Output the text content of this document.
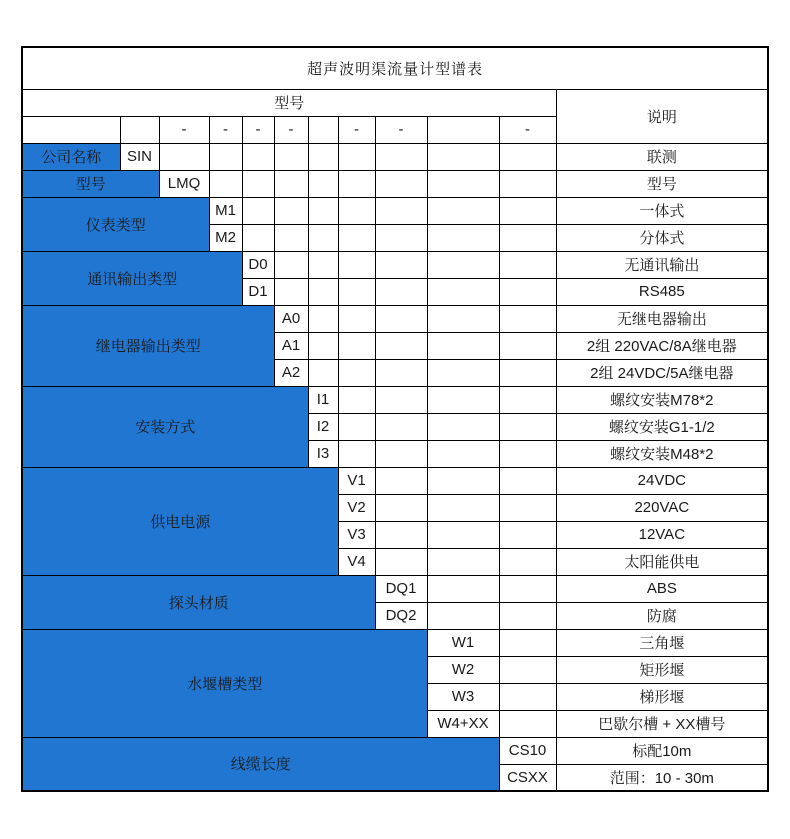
超声波明渠流量计型谱表											
型号											说明
		-	-	-	-		-	-		-	
公司名称	SIN										联测
型号		LMQ									型号
仪表类型			M1								一体式
			M2								分体式
通讯输出类型				D0							无通讯输出
				D1							RS485
继电器输出类型					A0						无继电器输出
					A1						2组 220VAC/8A继电器
					A2						2组 24VDC/5A继电器
安装方式						I1					螺纹安装M78*2
						I2					螺纹安装G1-1/2
						I3					螺纹安装M48*2
供电电源							V1				24VDC
							V2				220VAC
							V3				12VAC
							V4				太阳能供电
探头材质								DQ1			ABS
								DQ2			防腐
水堰槽类型									W1		三角堰
									W2		矩形堰
									W3		梯形堰
									W4+XX		巴歇尔槽 + XX槽号
线缆长度										CS10	标配10m
										CSXX	范围：10 - 30m
